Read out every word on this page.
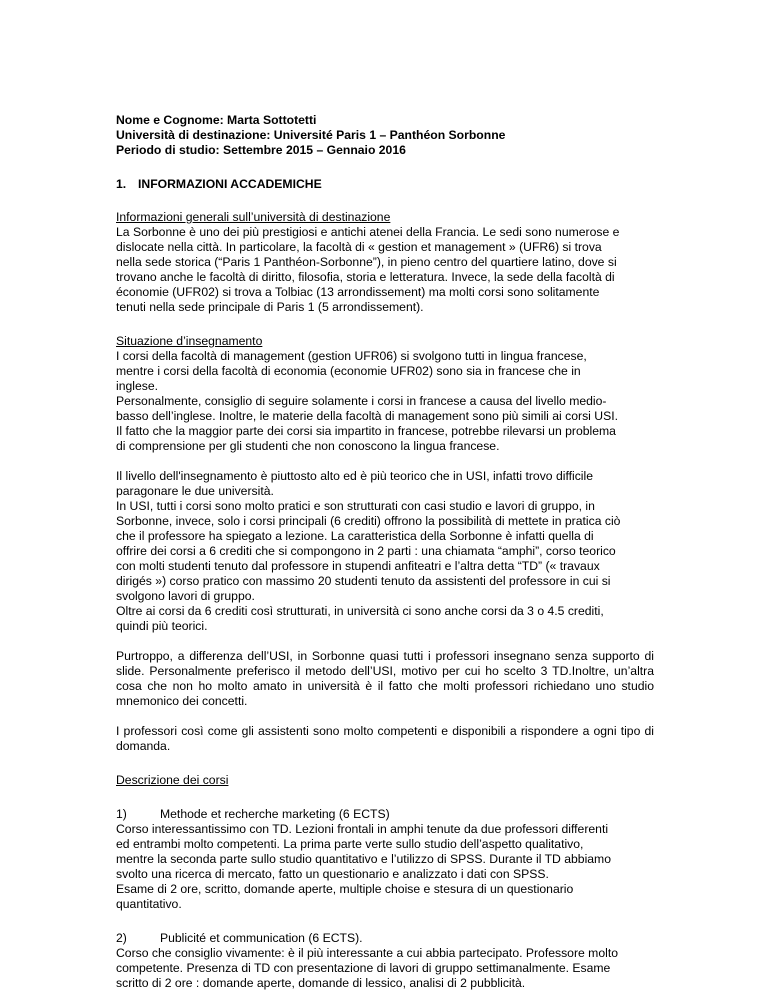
Nome e Cognome: Marta Sottotetti

Università di destinazione: Université Paris 1 – Panthéon Sorbonne

Periodo di studio: Settembre 2015 – Gennaio 2016

1. INFORMAZIONI ACCADEMICHE
Informazioni generali sull’università di destinazione

La Sorbonne è uno dei più prestigiosi e antichi atenei della Francia. Le sedi sono numerose e

dislocate nella città. In particolare, la facoltà di « gestion et management » (UFR6) si trova

nella sede storica (“Paris 1 Panthéon-Sorbonne”), in pieno centro del quartiere latino, dove si

trovano anche le facoltà di diritto, filosofia, storia e letteratura. Invece, la sede della facoltà di

économie (UFR02) si trova a Tolbiac (13 arrondissement) ma molti corsi sono solitamente

tenuti nella sede principale di Paris 1 (5 arrondissement).

Situazione d’insegnamento

I corsi della facoltà di management (gestion UFR06) si svolgono tutti in lingua francese,

mentre i corsi della facoltà di economia (economie UFR02) sono sia in francese che in

inglese.

Personalmente, consiglio di seguire solamente i corsi in francese a causa del livello medio-

basso dell’inglese. Inoltre, le materie della facoltà di management sono più simili ai corsi USI.

Il fatto che la maggior parte dei corsi sia impartito in francese, potrebbe rilevarsi un problema

di comprensione per gli studenti che non conoscono la lingua francese.

Il livello dell'insegnamento è piuttosto alto ed è più teorico che in USI, infatti trovo difficile

paragonare le due università.

In USI, tutti i corsi sono molto pratici e son strutturati con casi studio e lavori di gruppo, in

Sorbonne, invece, solo i corsi principali (6 crediti) offrono la possibilità di mettete in pratica ciò

che il professore ha spiegato a lezione. La caratteristica della Sorbonne è infatti quella di

offrire dei corsi a 6 crediti che si compongono in 2 parti : una chiamata “amphi”, corso teorico

con molti studenti tenuto dal professore in stupendi anfiteatri e l’altra detta “TD” (« travaux

dirigés ») corso pratico con massimo 20 studenti tenuto da assistenti del professore in cui si

svolgono lavori di gruppo.

Oltre ai corsi da 6 crediti così strutturati, in università ci sono anche corsi da 3 o 4.5 crediti,

quindi più teorici.

Purtroppo, a differenza dell’USI, in Sorbonne quasi tutti i professori insegnano senza supporto di slide. Personalmente preferisco il metodo dell’USI, motivo per cui ho scelto 3 TD.Inoltre, un’altra cosa che non ho molto amato in università è il fatto che molti professori richiedano uno studio mnemonico dei concetti.

I professori così come gli assistenti sono molto competenti e disponibili a rispondere a ogni tipo di domanda.

Descrizione dei corsi
1)	Methode et recherche marketing (6 ECTS)

Corso interessantissimo con TD. Lezioni frontali in amphi tenute da due professori differenti

ed entrambi molto competenti. La prima parte verte sullo studio dell’aspetto qualitativo,

mentre la seconda parte sullo studio quantitativo e l’utilizzo di SPSS. Durante il TD abbiamo

svolto una ricerca di mercato, fatto un questionario e analizzato i dati con SPSS.

Esame di 2 ore, scritto, domande aperte, multiple choise e stesura di un questionario

quantitativo.

2)	Publicité et communication (6 ECTS).

Corso che consiglio vivamente: è il più interessante a cui abbia partecipato. Professore molto

competente. Presenza di TD con presentazione di lavori di gruppo settimanalmente. Esame

scritto di 2 ore : domande aperte, domande di lessico, analisi di 2 pubblicità.
